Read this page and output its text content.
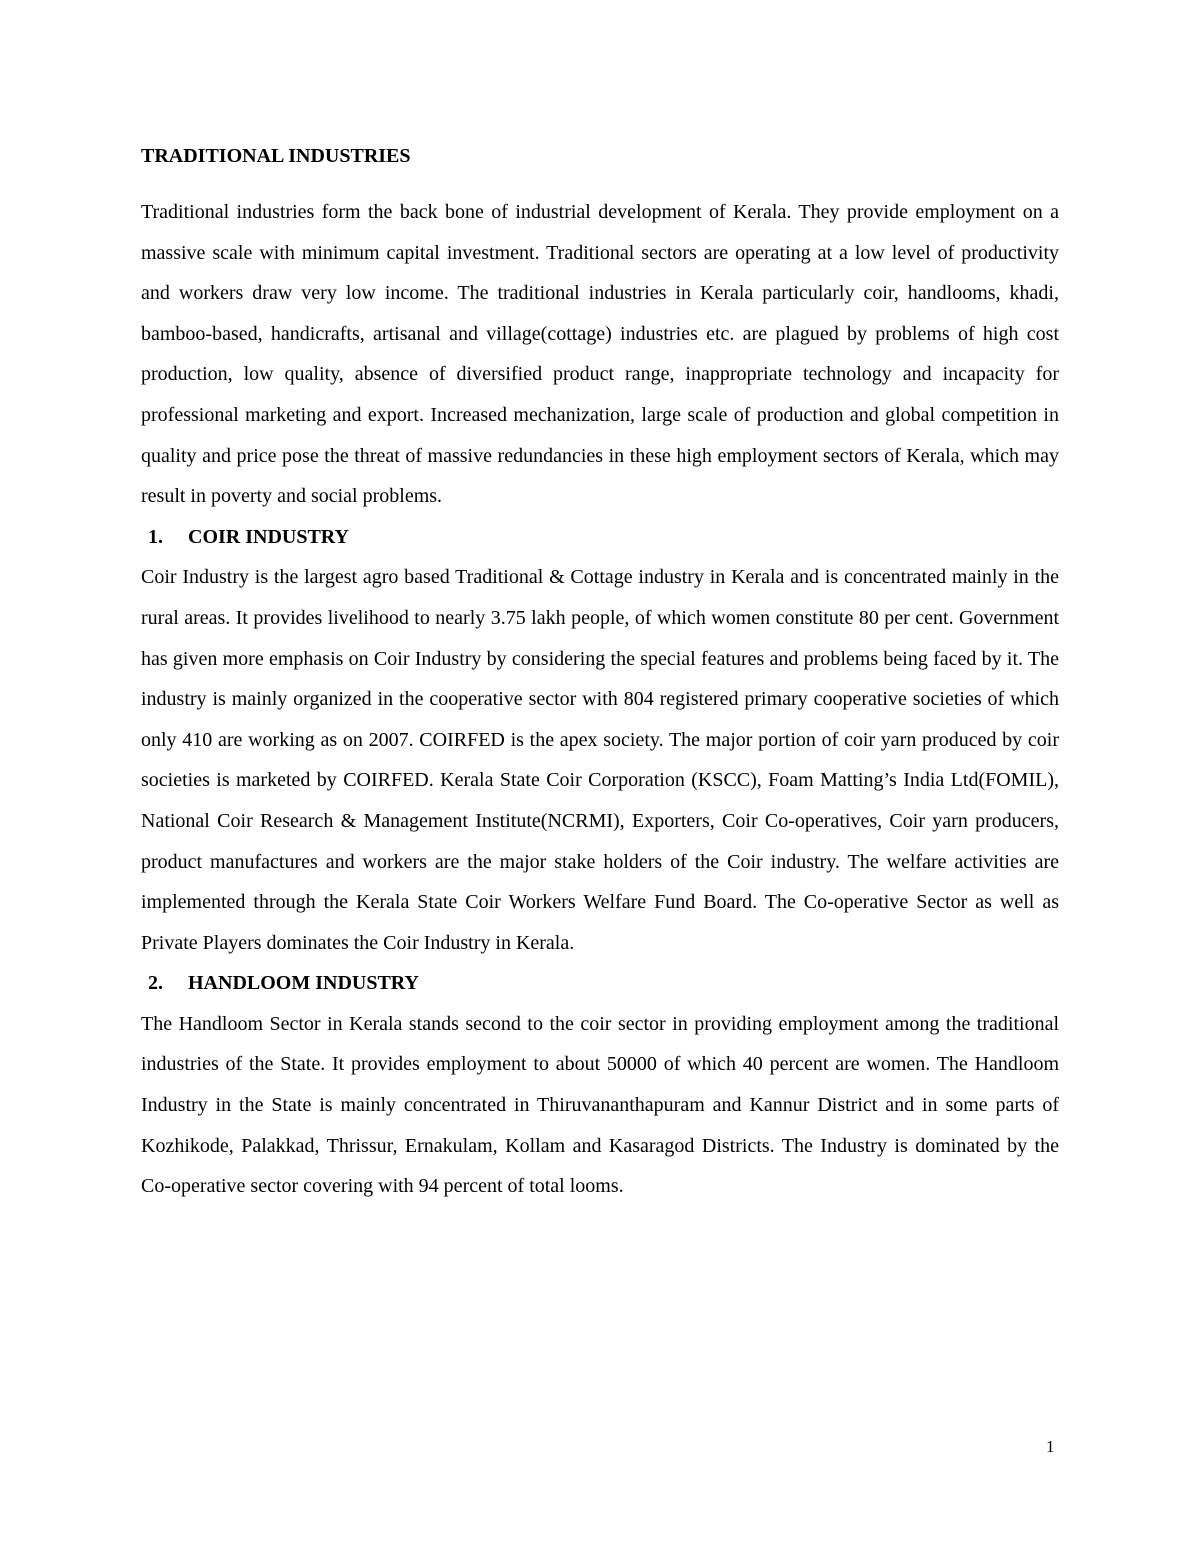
TRADITIONAL INDUSTRIES

Traditional industries form the back bone of industrial development of Kerala. They provide employment on a massive scale with minimum capital investment. Traditional sectors are operating at a low level of productivity and workers draw very low income. The traditional industries in Kerala particularly coir, handlooms, khadi, bamboo-based, handicrafts, artisanal and village(cottage) industries etc. are plagued by problems of high cost production, low quality, absence of diversified product range, inappropriate technology and incapacity for professional marketing and export. Increased mechanization, large scale of production and global competition in quality and price pose the threat of massive redundancies in these high employment sectors of Kerala, which may result in poverty and social problems.

1.	COIR INDUSTRY

Coir Industry is the largest agro based Traditional & Cottage industry in Kerala and is concentrated mainly in the rural areas. It provides livelihood to nearly 3.75 lakh people, of which women constitute 80 per cent. Government has given more emphasis on Coir Industry by considering the special features and problems being faced by it. The industry is mainly organized in the cooperative sector with 804 registered primary cooperative societies of which only 410 are working as on 2007. COIRFED is the apex society. The major portion of coir yarn produced by coir societies is marketed by COIRFED. Kerala State Coir Corporation (KSCC), Foam Matting’s India Ltd(FOMIL), National Coir Research & Management Institute(NCRMI), Exporters, Coir Co-operatives, Coir yarn producers, product manufactures and workers are the major stake holders of the Coir industry. The welfare activities are implemented through the Kerala State Coir Workers Welfare Fund Board. The Co-operative Sector as well as Private Players dominates the Coir Industry in Kerala.

2.	HANDLOOM INDUSTRY

The Handloom Sector in Kerala stands second to the coir sector in providing employment among the traditional industries of the State. It provides employment to about 50000 of which 40 percent are women. The Handloom Industry in the State is mainly concentrated in Thiruvananthapuram and Kannur District and in some parts of Kozhikode, Palakkad, Thrissur, Ernakulam, Kollam and Kasaragod Districts. The Industry is dominated by the Co-operative sector covering with 94 percent of total looms.

1
